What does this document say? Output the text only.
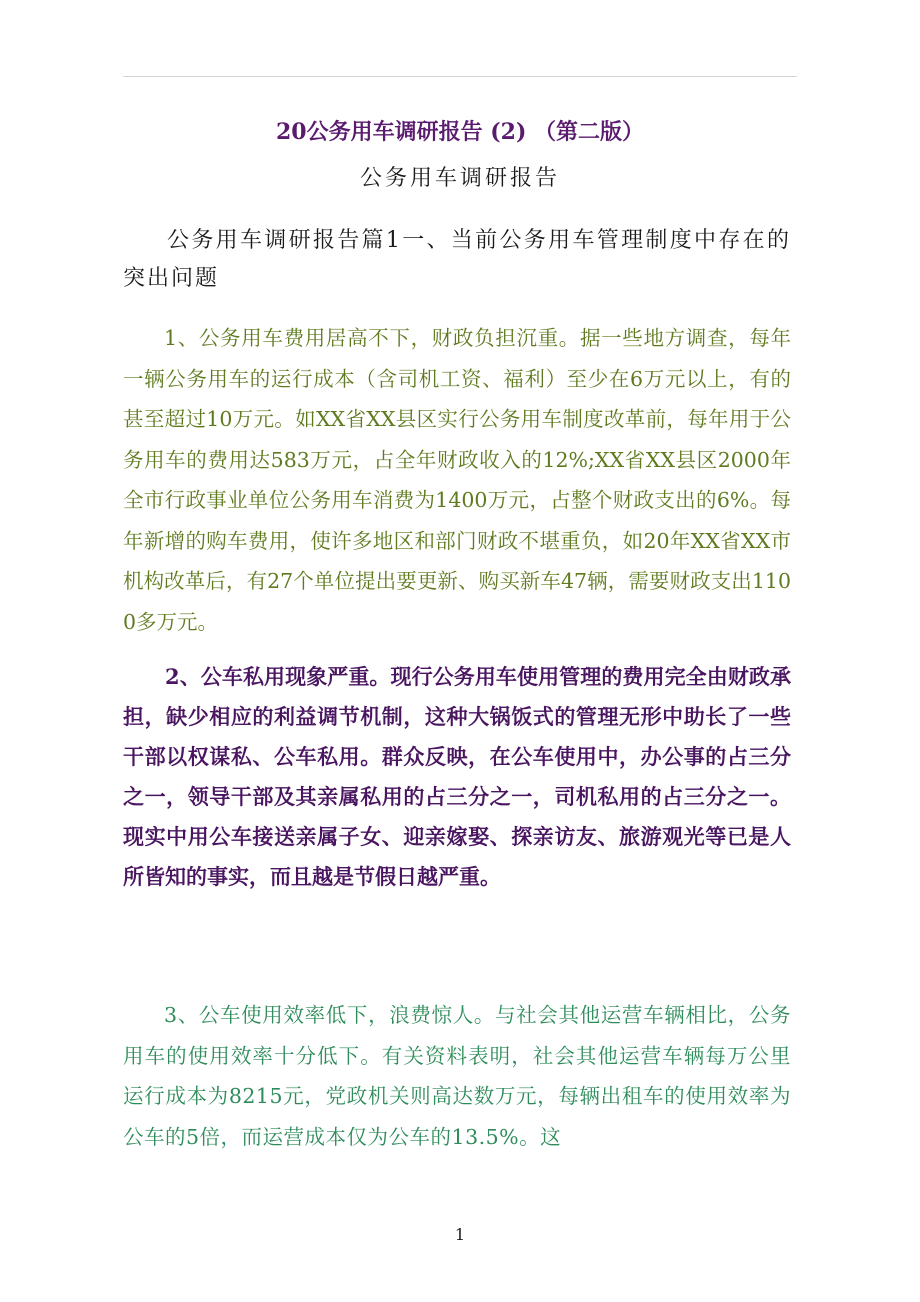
20公务用车调研报告 (2) （第二版）
公务用车调研报告

公务用车调研报告篇1一、当前公务用车管理制度中存在的突出问题

1、公务用车费用居高不下，财政负担沉重。据一些地方调查，每年一辆公务用车的运行成本（含司机工资、福利）至少在6万元以上，有的甚至超过10万元。如XX省XX县区实行公务用车制度改革前，每年用于公务用车的费用达583万元，占全年财政收入的12%;XX省XX县区2000年全市行政事业单位公务用车消费为1400万元，占整个财政支出的6%。每年新增的购车费用，使许多地区和部门财政不堪重负，如20年XX省XX市机构改革后，有27个单位提出要更新、购买新车47辆，需要财政支出1100多万元。

2、公车私用现象严重。现行公务用车使用管理的费用完全由财政承担，缺少相应的利益调节机制，这种大锅饭式的管理无形中助长了一些干部以权谋私、公车私用。群众反映，在公车使用中，办公事的占三分之一，领导干部及其亲属私用的占三分之一，司机私用的占三分之一。现实中用公车接送亲属子女、迎亲嫁娶、探亲访友、旅游观光等已是人所皆知的事实，而且越是节假日越严重。

3、公车使用效率低下，浪费惊人。与社会其他运营车辆相比，公务用车的使用效率十分低下。有关资料表明，社会其他运营车辆每万公里运行成本为8215元，党政机关则高达数万元，每辆出租车的使用效率为公车的5倍，而运营成本仅为公车的13.5%。这

1
